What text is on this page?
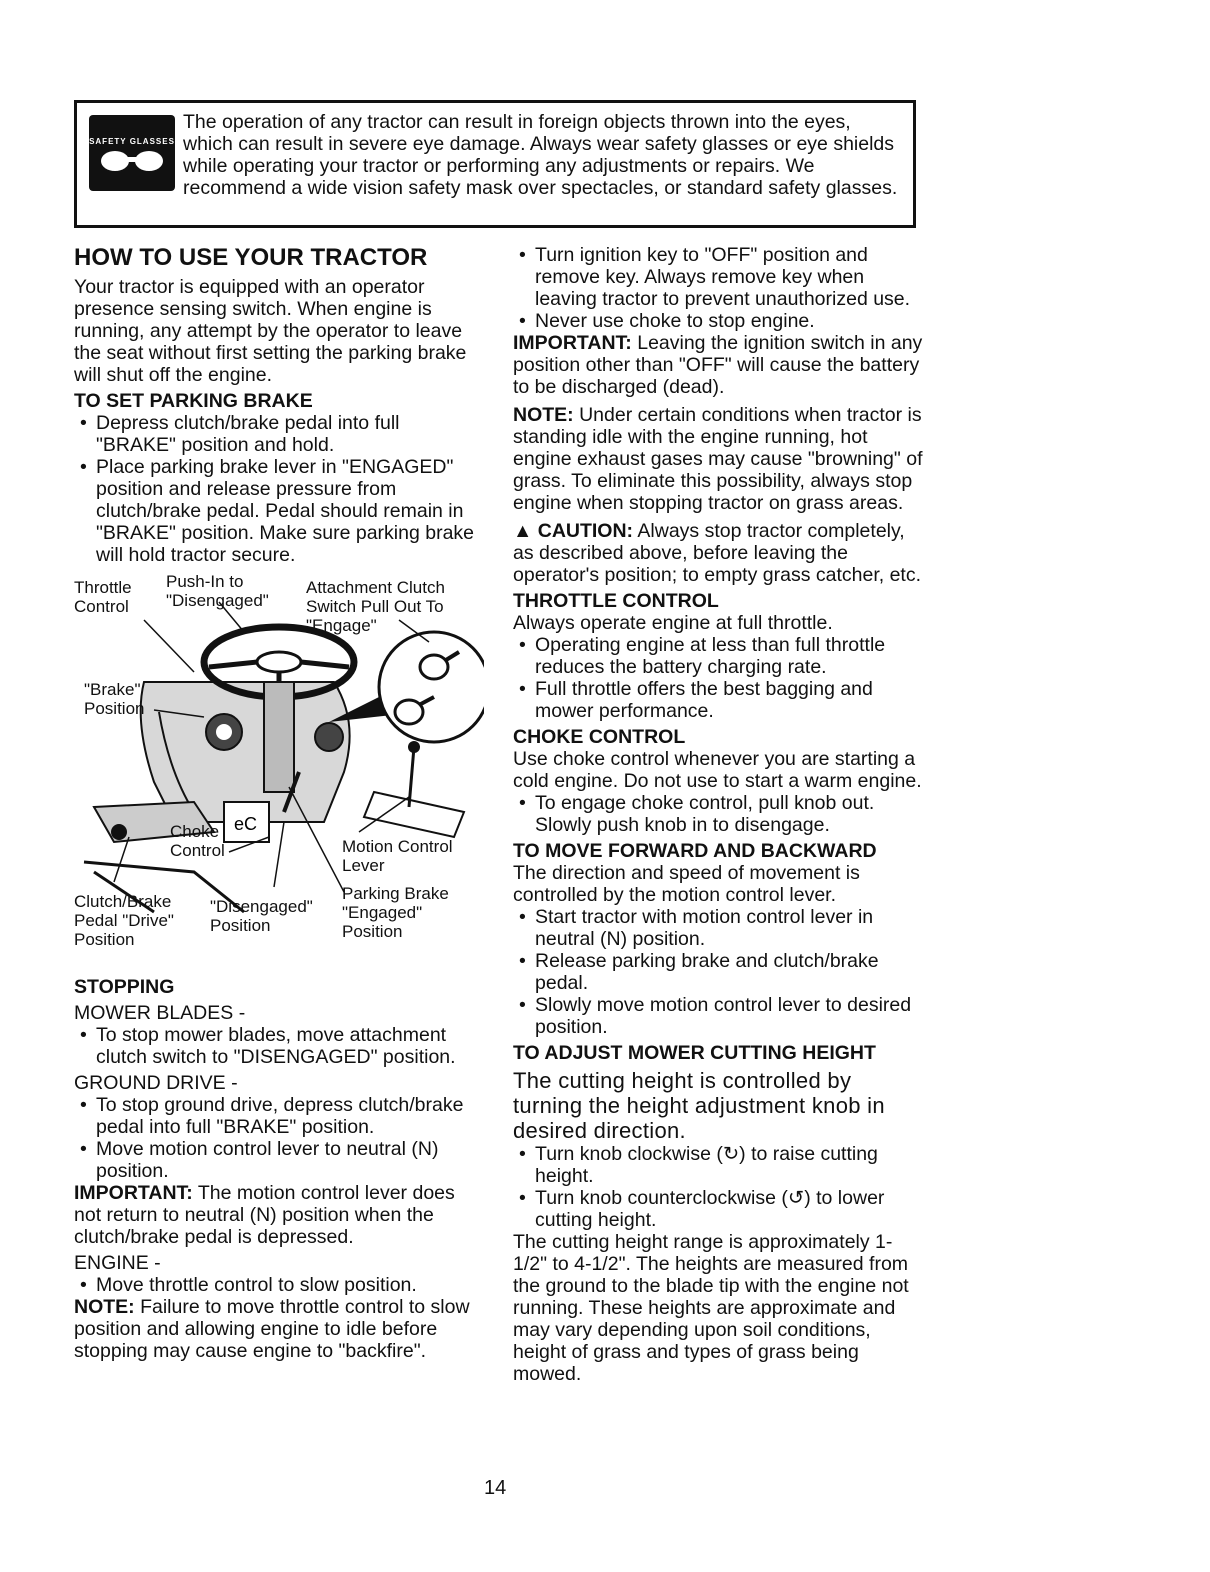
SAFETY GLASSES
The operation of any tractor can result in foreign objects thrown into the eyes, which can result in severe eye damage. Always wear safety glasses or eye shields while operating your tractor or performing any adjustments or repairs. We recommend a wide vision safety mask over spectacles, or standard safety glasses.
HOW TO USE YOUR TRACTOR

Your tractor is equipped with an operator presence sensing switch. When engine is running, any attempt by the operator to leave the seat without first setting the parking brake will shut off the engine.

TO SET PARKING BRAKE
• Depress clutch/brake pedal into full "BRAKE" position and hold.
• Place parking brake lever in "ENGAGED" position and release pressure from clutch/brake pedal. Pedal should remain in "BRAKE" position. Make sure parking brake will hold tractor secure.
eC
Throttle Control
Push-In to "Disengaged"
Attachment Clutch Switch Pull Out To "Engage"
"Brake" Position
Choke Control	Motion Control Lever
Clutch/Brake Pedal "Drive" Position
"Disengaged" Position
Parking Brake "Engaged" Position
STOPPING
MOWER BLADES -
• To stop mower blades, move attachment clutch switch to "DISENGAGED" position.
GROUND DRIVE -
• To stop ground drive, depress clutch/brake pedal into full "BRAKE" position.
• Move motion control lever to neutral (N) position.

IMPORTANT: The motion control lever does not return to neutral (N) position when the clutch/brake pedal is depressed.

ENGINE -
• Move throttle control to slow position.

NOTE: Failure to move throttle control to slow position and allowing engine to idle before stopping may cause engine to "backfire".

• Turn ignition key to "OFF" position and remove key. Always remove key when leaving tractor to prevent unauthorized use.
• Never use choke to stop engine.

IMPORTANT: Leaving the ignition switch in any position other than "OFF" will cause the battery to be discharged (dead).

NOTE: Under certain conditions when tractor is standing idle with the engine running, hot engine exhaust gases may cause "browning" of grass. To eliminate this possibility, always stop engine when stopping tractor on grass areas.

▲ CAUTION: Always stop tractor completely, as described above, before leaving the operator's position; to empty grass catcher, etc.

THROTTLE CONTROL

Always operate engine at full throttle.

• Operating engine at less than full throttle reduces the battery charging rate.
• Full throttle offers the best bagging and mower performance.
CHOKE CONTROL

Use choke control whenever you are starting a cold engine. Do not use to start a warm engine.

• To engage choke control, pull knob out. Slowly push knob in to disengage.
TO MOVE FORWARD AND BACKWARD

The direction and speed of movement is controlled by the motion control lever.

• Start tractor with motion control lever in neutral (N) position.
• Release parking brake and clutch/brake pedal.
• Slowly move motion control lever to desired position.
TO ADJUST MOWER CUTTING HEIGHT

The cutting height is controlled by turning the height adjustment knob in desired direction.

• Turn knob clockwise (↻) to raise cutting height.
• Turn knob counterclockwise (↺) to lower cutting height.

The cutting height range is approximately 1-1/2" to 4-1/2". The heights are measured from the ground to the blade tip with the engine not running. These heights are approximate and may vary depending upon soil conditions, height of grass and types of grass being mowed.

14
